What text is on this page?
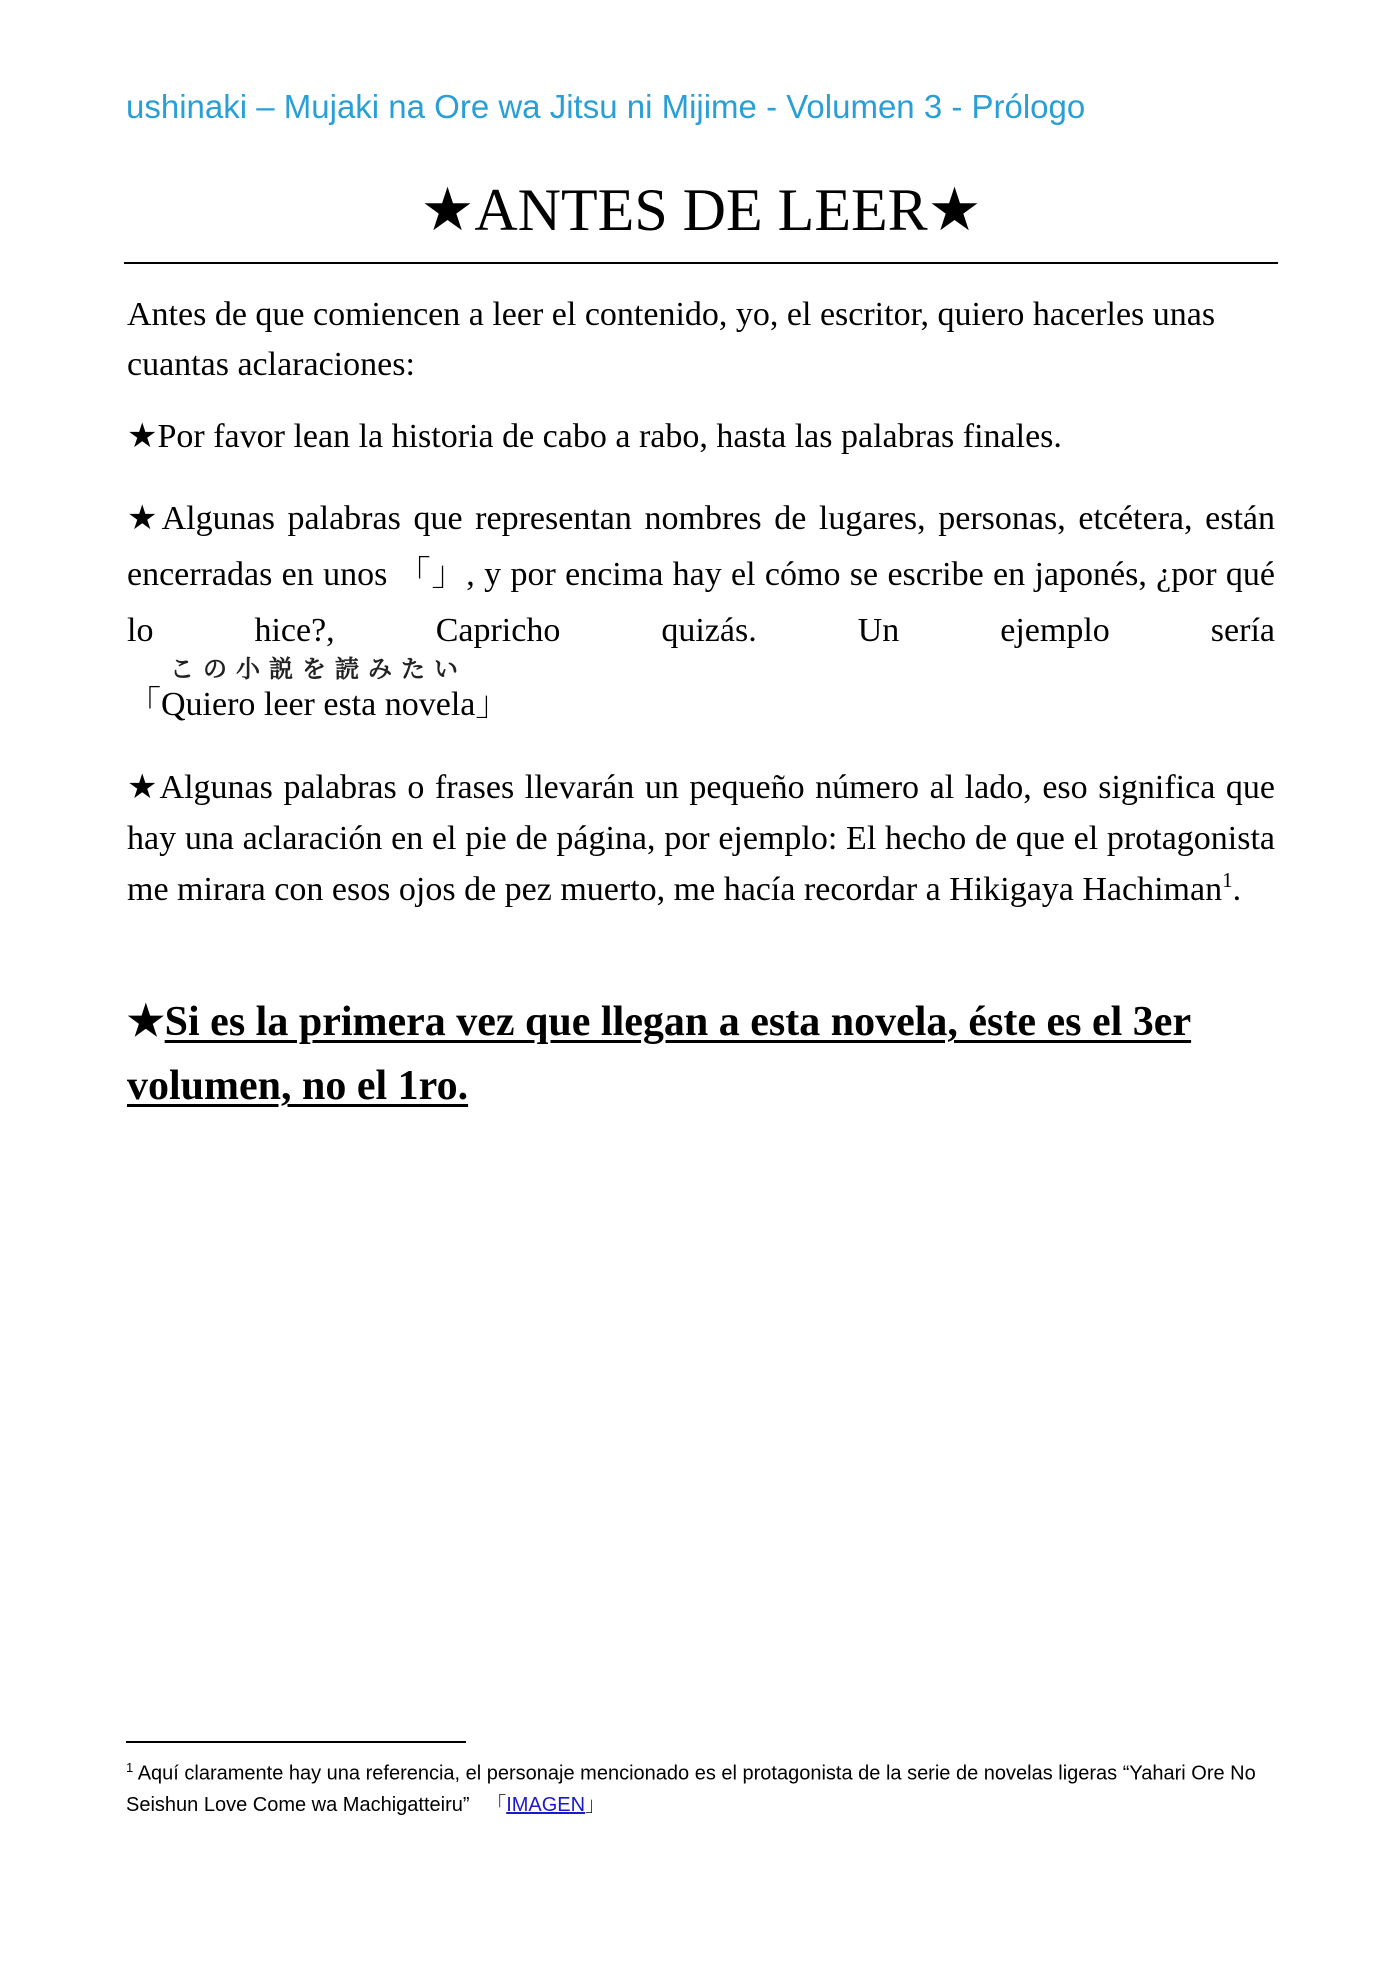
ushinaki – Mujaki na Ore wa Jitsu ni Mijime - Volumen 3 - Prólogo
★ANTES DE LEER★
Antes de que comiencen a leer el contenido, yo, el escritor, quiero hacerles unas cuantas aclaraciones:
★Por favor lean la historia de cabo a rabo, hasta las palabras finales.
★Algunas palabras que representan nombres de lugares, personas, etcétera, están encerradas en unos 「」, y por encima hay el cómo se escribe en japonés, ¿por qué lo hice?, Capricho quizás. Un ejemplo sería
この小説を読みたい
「Quiero leer esta novela」
★Algunas palabras o frases llevarán un pequeño número al lado, eso significa que hay una aclaración en el pie de página, por ejemplo: El hecho de que el protagonista me mirara con esos ojos de pez muerto, me hacía recordar a Hikigaya Hachiman$^1$.
★Si es la primera vez que llegan a esta novela, éste es el 3er volumen, no el 1ro.
$^1$ Aquí claramente hay una referencia, el personaje mencionado es el protagonista de la serie de novelas ligeras “Yahari Ore No Seishun Love Come wa Machigatteiru” 「IMAGEN」
